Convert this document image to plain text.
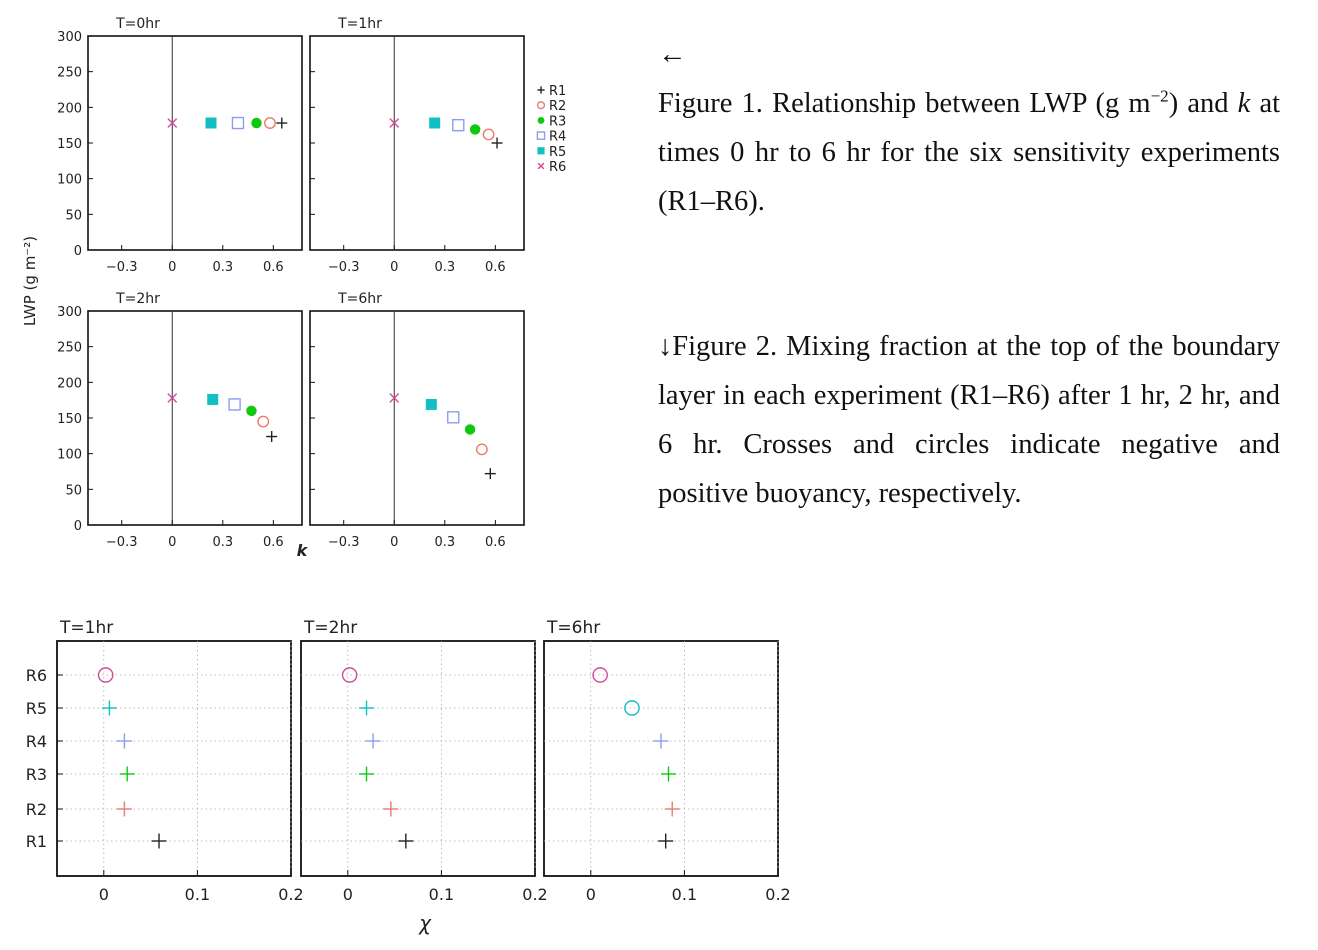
T=0hr
0
50
100
150
200
250
300
−0.3 0	0.3 0.6
T=1hr
−0.3 0	0.3 0.6
T=2hr
0
50
100
150
200
250
300
−0.3 0	0.3 0.6
T=6hr
−0.3 0	0.3 0.6
LWP (g m⁻²)
k
R1
R2
R3
R4
R5
R6
T=1hr
0	0.1	0.2
R6
R5
R4
R3
R2
R1
T=2hr
0	0.1	0.2
T=6hr
0	0.1	0.2
χ
←
Figure 1. Relationship between LWP (g $m^{-2}$) and k at times 0 hr to 6 hr for the six sensitivity experiments (R1–R6).
↓Figure 2. Mixing fraction at the top of the boundary layer in each experiment (R1–R6) after 1 hr, 2 hr, and 6 hr. Crosses and circles indicate negative and positive buoyancy, respectively.
